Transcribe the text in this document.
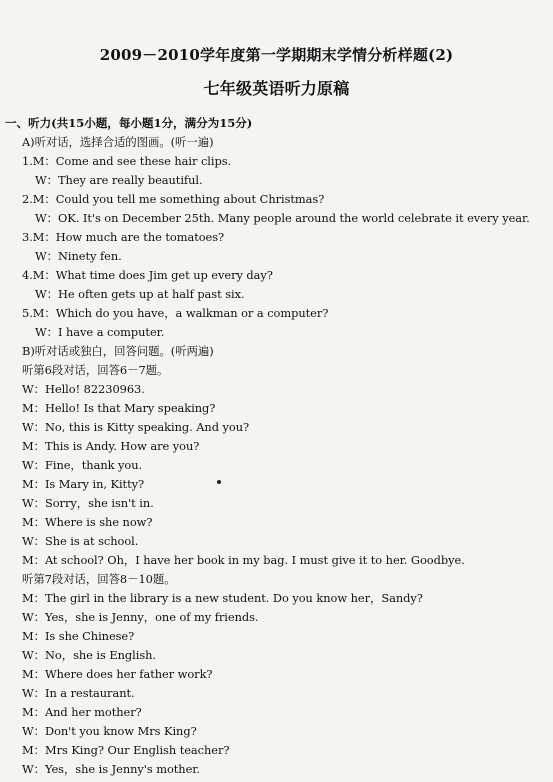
2009－2010学年度第一学期期末学情分析样题(2)
七年级英语听力原稿
一、听力(共15小题，每小题1分，满分为15分)
A)听对话，选择合适的图画。(听一遍)
1.M：Come and see these hair clips.
W：They are really beautiful.
2.M：Could you tell me something about Christmas?
W：OK. It's on December 25th. Many people around the world celebrate it every year.
3.M：How much are the tomatoes?
W：Ninety fen.
4.M：What time does Jim get up every day?
W：He often gets up at half past six.
5.M：Which do you have，a walkman or a computer?
W：I have a computer.
B)听对话或独白，回答问题。(听两遍)
听第6段对话，回答6－7题。
W：Hello! 82230963.
M：Hello! Is that Mary speaking?
W：No, this is Kitty speaking. And you?
M：This is Andy. How are you?
W：Fine，thank you.
M：Is Mary in, Kitty?
W：Sorry，she isn't in.
M：Where is she now?
W：She is at school.
M：At school? Oh，I have her book in my bag. I must give it to her. Goodbye.
听第7段对话，回答8－10题。
M：The girl in the library is a new student. Do you know her，Sandy?
W：Yes，she is Jenny，one of my friends.
M：Is she Chinese?
W：No，she is English.
M：Where does her father work?
W：In a restaurant.
M：And her mother?
W：Don't you know Mrs King?
M：Mrs King? Our English teacher?
W：Yes，she is Jenny's mother.
